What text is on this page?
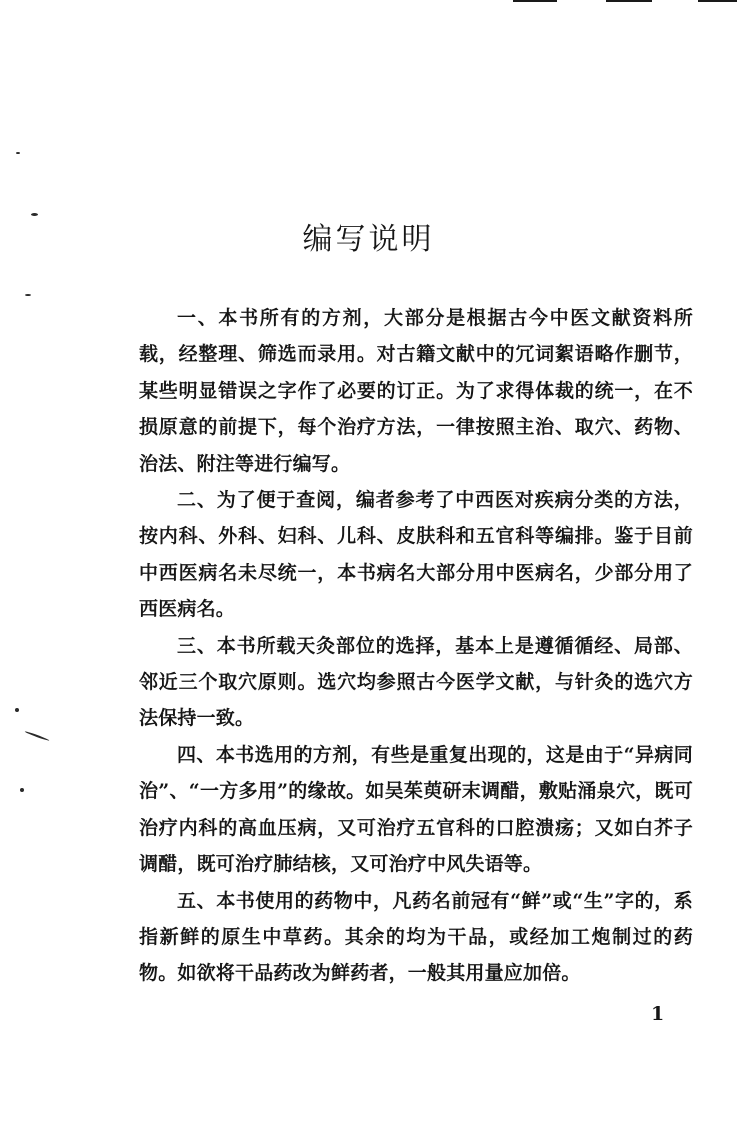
编写说明

一、本书所有的方剂，大部分是根据古今中医文献资料所载，经整理、筛选而录用。对古籍文献中的冗词絮语略作删节，某些明显错误之字作了必要的订正。为了求得体裁的统一，在不损原意的前提下，每个治疗方法，一律按照主治、取穴、药物、治法、附注等进行编写。

二、为了便于查阅，编者参考了中西医对疾病分类的方法，按内科、外科、妇科、儿科、皮肤科和五官科等编排。鉴于目前中西医病名未尽统一，本书病名大部分用中医病名，少部分用了西医病名。

三、本书所载天灸部位的选择，基本上是遵循循经、局部、邻近三个取穴原则。选穴均参照古今医学文献，与针灸的选穴方法保持一致。

四、本书选用的方剂，有些是重复出现的，这是由于“异病同治”、“一方多用”的缘故。如吴茱萸研末调醋，敷贴涌泉穴，既可治疗内科的高血压病，又可治疗五官科的口腔溃疡；又如白芥子调醋，既可治疗肺结核，又可治疗中风失语等。

五、本书使用的药物中，凡药名前冠有“鲜”或“生”字的，系指新鲜的原生中草药。其余的均为干品，或经加工炮制过的药物。如欲将干品药改为鲜药者，一般其用量应加倍。

1
